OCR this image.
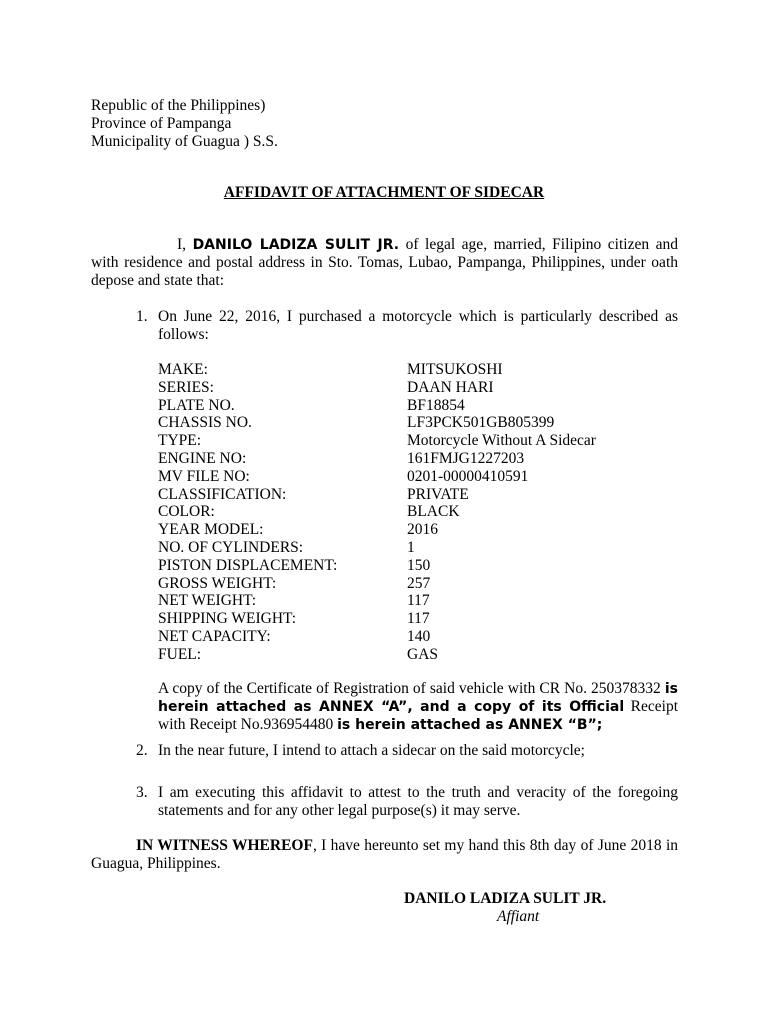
Republic of the Philippines)
Province of Pampanga
Municipality of Guagua ) S.S.
AFFIDAVIT OF ATTACHMENT OF SIDECAR
I, DANILO LADIZA SULIT JR. of legal age, married, Filipino citizen and with residence and postal address in Sto. Tomas, Lubao, Pampanga, Philippines, under oath depose and state that:
1. On June 22, 2016, I purchased a motorcycle which is particularly described as follows:
MAKE:	MITSUKOSHI
SERIES:	DAAN HARI
PLATE NO.	BF18854
CHASSIS NO.	LF3PCK501GB805399
TYPE:	Motorcycle Without A Sidecar
ENGINE NO:	161FMJG1227203
MV FILE NO:	0201-00000410591
CLASSIFICATION:	PRIVATE
COLOR:	BLACK
YEAR MODEL:	2016
NO. OF CYLINDERS:	1
PISTON DISPLACEMENT:	150
GROSS WEIGHT:	257
NET WEIGHT:	117
SHIPPING WEIGHT:	117
NET CAPACITY:	140
FUEL:	GAS
A copy of the Certificate of Registration of said vehicle with CR No. 250378332 is herein attached as ANNEX “A”, and a copy of its Official Receipt with Receipt No.936954480 is herein attached as ANNEX “B”;
2. In the near future, I intend to attach a sidecar on the said motorcycle;
3. I am executing this affidavit to attest to the truth and veracity of the foregoing statements and for any other legal purpose(s) it may serve.
IN WITNESS WHEREOF, I have hereunto set my hand this 8th day of June 2018 in Guagua, Philippines.
DANILO LADIZA SULIT JR.
Affiant
